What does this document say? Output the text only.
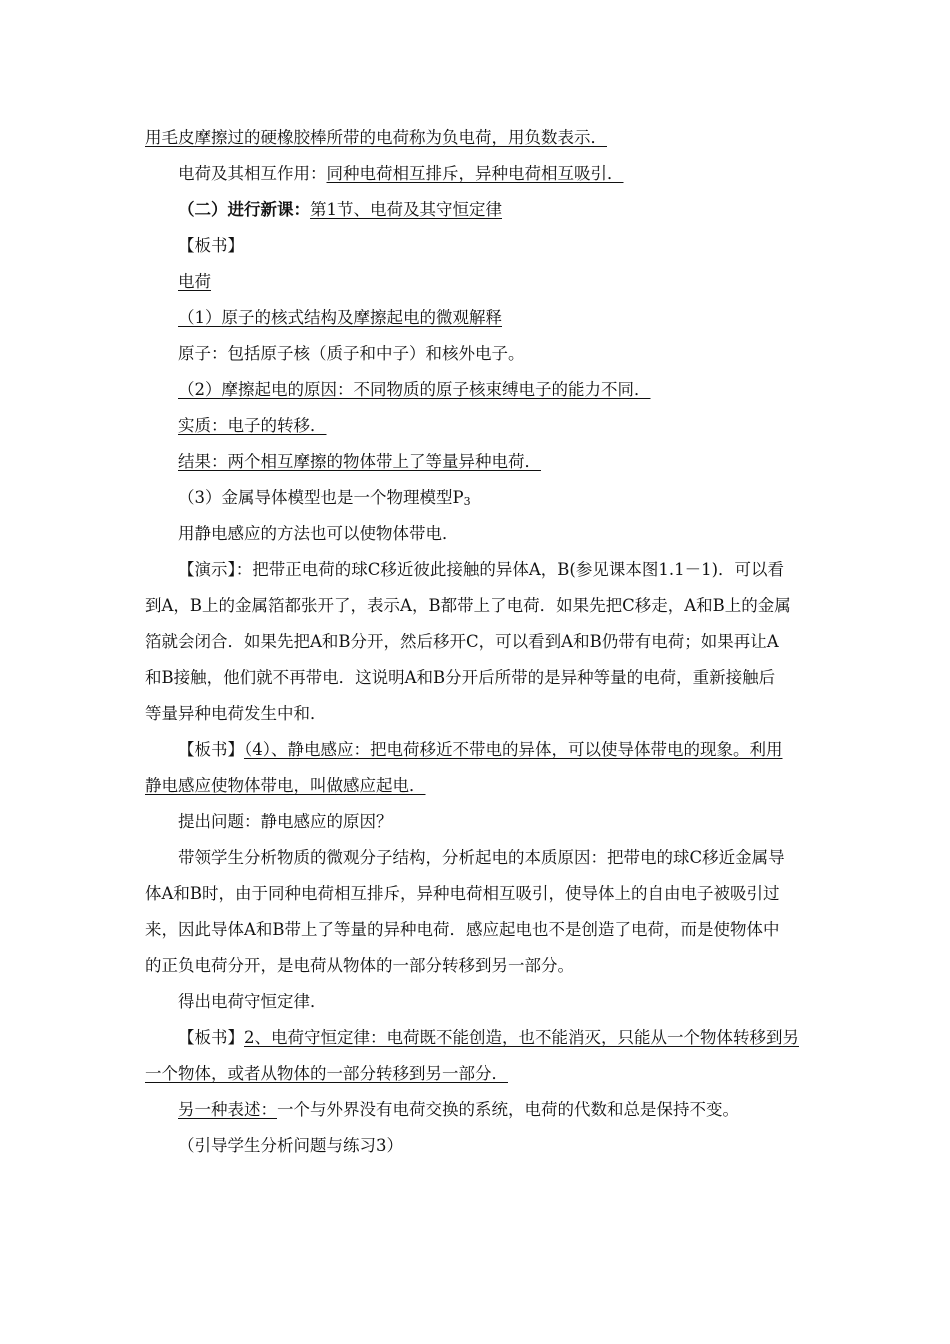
用毛皮摩擦过的硬橡胶棒所带的电荷称为负电荷，用负数表示．
电荷及其相互作用：同种电荷相互排斥，异种电荷相互吸引．
（二）进行新课：第1节、电荷及其守恒定律
【板书】
电荷
（1）原子的核式结构及摩擦起电的微观解释
原子：包括原子核（质子和中子）和核外电子。
（2）摩擦起电的原因：不同物质的原子核束缚电子的能力不同．
实质：电子的转移．
结果：两个相互摩擦的物体带上了等量异种电荷．
（3）金属导体模型也是一个物理模型$P_3$
用静电感应的方法也可以使物体带电．
【演示】：把带正电荷的球C移近彼此接触的异体A，B(参见课本图1.1－1)．可以看
到A，B上的金属箔都张开了，表示A，B都带上了电荷．如果先把C移走，A和B上的金属
箔就会闭合．如果先把A和B分开，然后移开C，可以看到A和B仍带有电荷；如果再让A
和B接触，他们就不再带电．这说明A和B分开后所带的是异种等量的电荷，重新接触后
等量异种电荷发生中和．
【板书】（4）、静电感应：把电荷移近不带电的异体，可以使导体带电的现象。利用
静电感应使物体带电，叫做感应起电．
提出问题：静电感应的原因？
带领学生分析物质的微观分子结构，分析起电的本质原因：把带电的球C移近金属导
体A和B时，由于同种电荷相互排斥，异种电荷相互吸引，使导体上的自由电子被吸引过
来，因此导体A和B带上了等量的异种电荷．感应起电也不是创造了电荷，而是使物体中
的正负电荷分开，是电荷从物体的一部分转移到另一部分。
得出电荷守恒定律．
【板书】2、电荷守恒定律：电荷既不能创造，也不能消灭，只能从一个物体转移到另
一个物体，或者从物体的一部分转移到另一部分．
另一种表述：一个与外界没有电荷交换的系统，电荷的代数和总是保持不变。
（引导学生分析问题与练习3）
